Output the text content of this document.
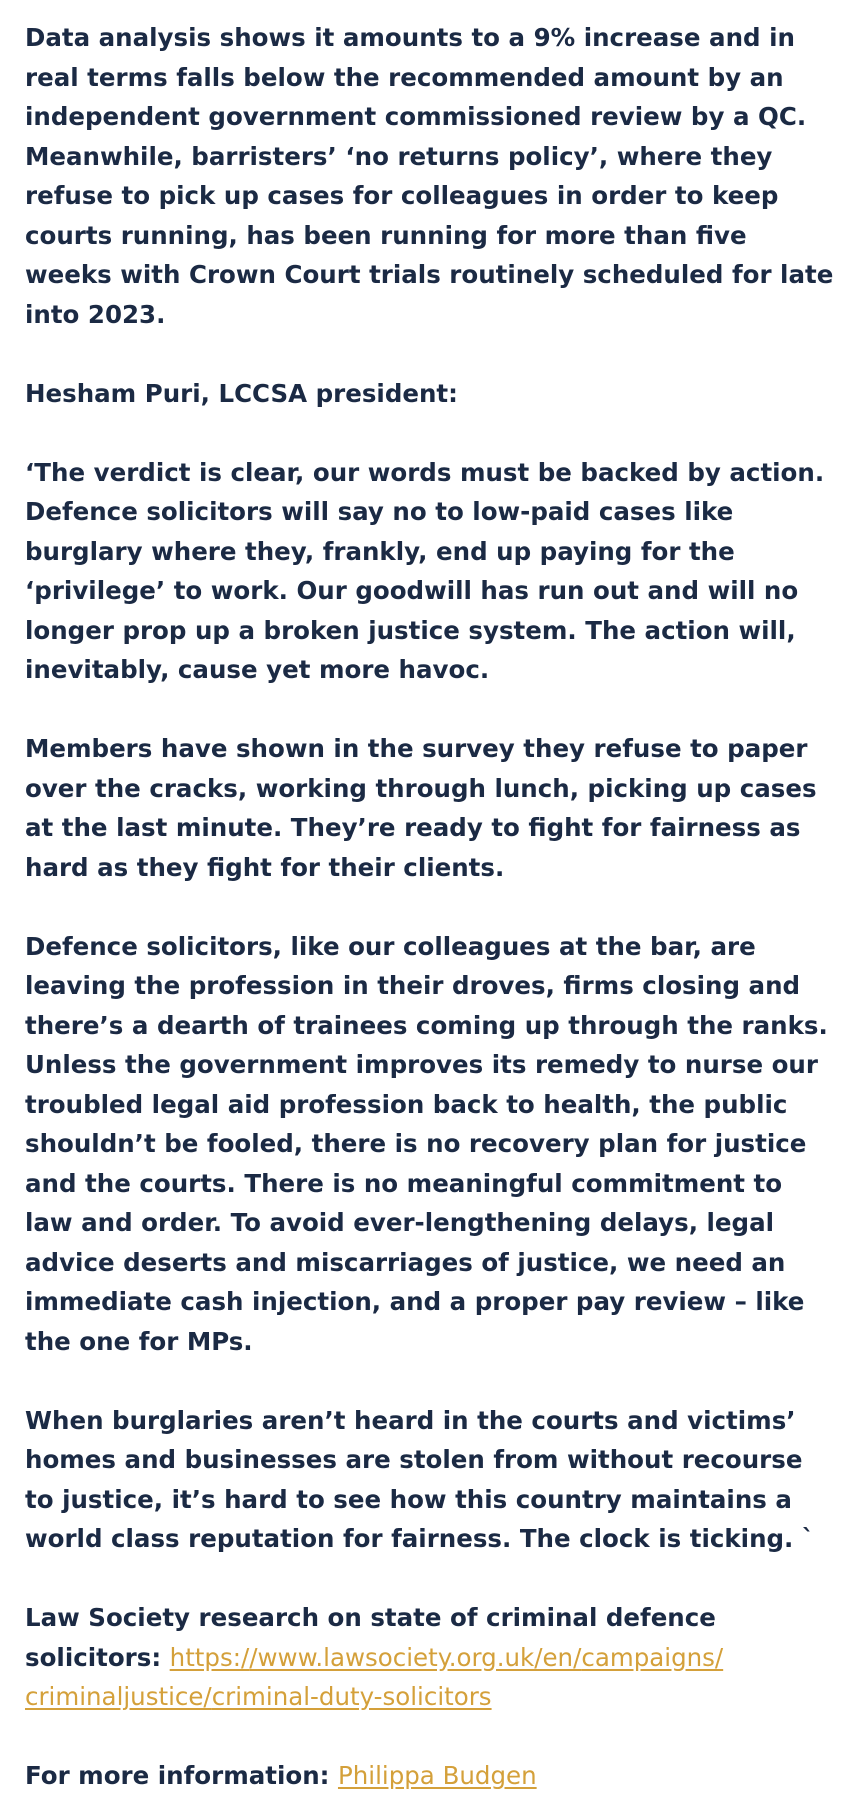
Data analysis shows it amounts to a 9% increase and in real terms falls below the recommended amount by an independent government commissioned review by a QC. Meanwhile, barristers’ ‘no returns policy’, where they refuse to pick up cases for colleagues in order to keep courts running, has been running for more than five weeks with Crown Court trials routinely scheduled for late into 2023.

Hesham Puri, LCCSA president:

‘The verdict is clear, our words must be backed by action. Defence solicitors will say no to low-paid cases like burglary where they, frankly, end up paying for the ‘privilege’ to work. Our goodwill has run out and will no longer prop up a broken justice system. The action will, inevitably, cause yet more havoc.

Members have shown in the survey they refuse to paper over the cracks, working through lunch, picking up cases at the last minute. They’re ready to fight for fairness as hard as they fight for their clients.

Defence solicitors, like our colleagues at the bar, are leaving the profession in their droves, firms closing and there’s a dearth of trainees coming up through the ranks. Unless the government improves its remedy to nurse our troubled legal aid profession back to health, the public shouldn’t be fooled, there is no recovery plan for justice and the courts. There is no meaningful commitment to law and order. To avoid ever-lengthening delays, legal advice deserts and miscarriages of justice, we need an immediate cash injection, and a proper pay review – like the one for MPs.

When burglaries aren’t heard in the courts and victims’ homes and businesses are stolen from without recourse to justice, it’s hard to see how this country maintains a world class reputation for fairness. The clock is ticking. `

Law Society research on state of criminal defence solicitors: https://www.lawsociety.org.uk/en/campaigns/criminaljustice/criminal-duty-solicitors

For more information: Philippa Budgen
